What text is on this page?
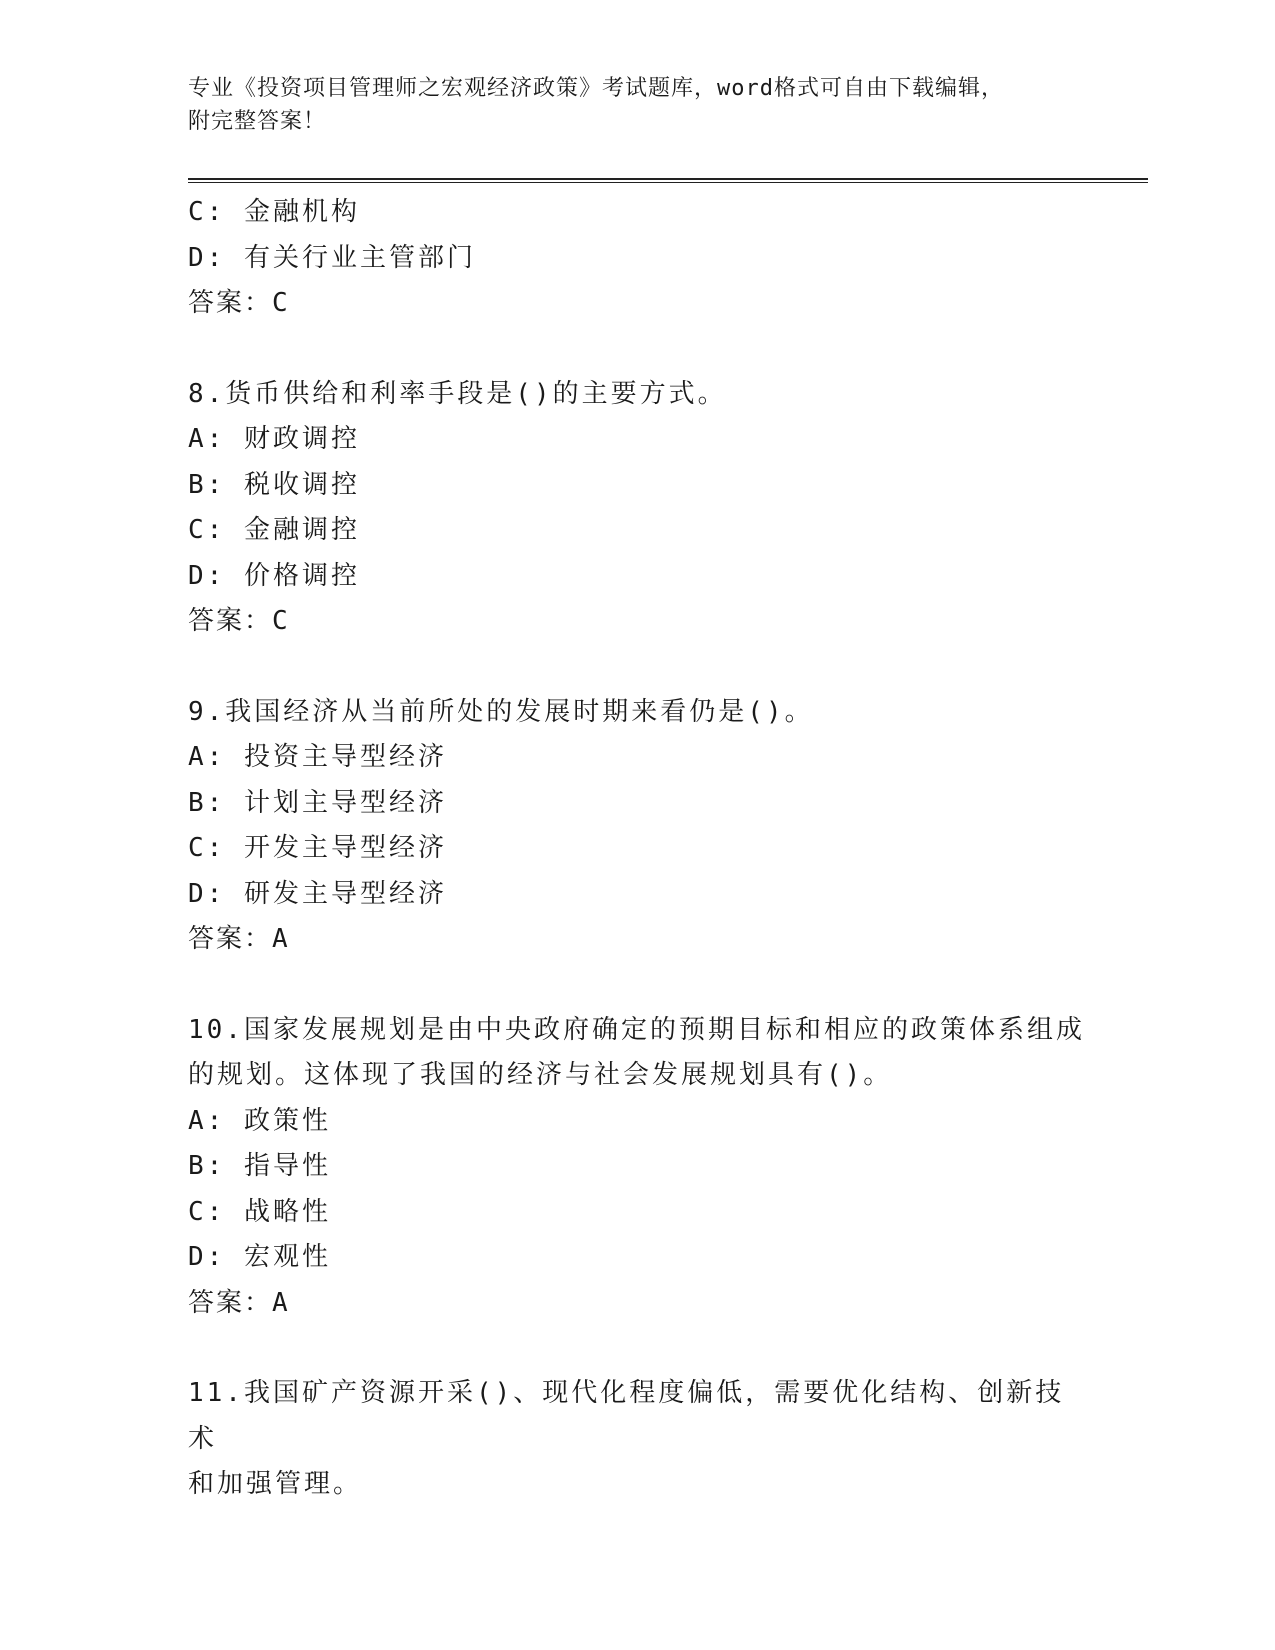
专业《投资项目管理师之宏观经济政策》考试题库，word格式可自由下载编辑，
附完整答案！
C: 金融机构
D: 有关行业主管部门
答案：C
8.货币供给和利率手段是()的主要方式。
A: 财政调控
B: 税收调控
C: 金融调控
D: 价格调控
答案：C
9.我国经济从当前所处的发展时期来看仍是()。
A: 投资主导型经济
B: 计划主导型经济
C: 开发主导型经济
D: 研发主导型经济
答案：A
10.国家发展规划是由中央政府确定的预期目标和相应的政策体系组成
的规划。这体现了我国的经济与社会发展规划具有()。
A: 政策性
B: 指导性
C: 战略性
D: 宏观性
答案：A
11.我国矿产资源开采()、现代化程度偏低，需要优化结构、创新技术
和加强管理。
